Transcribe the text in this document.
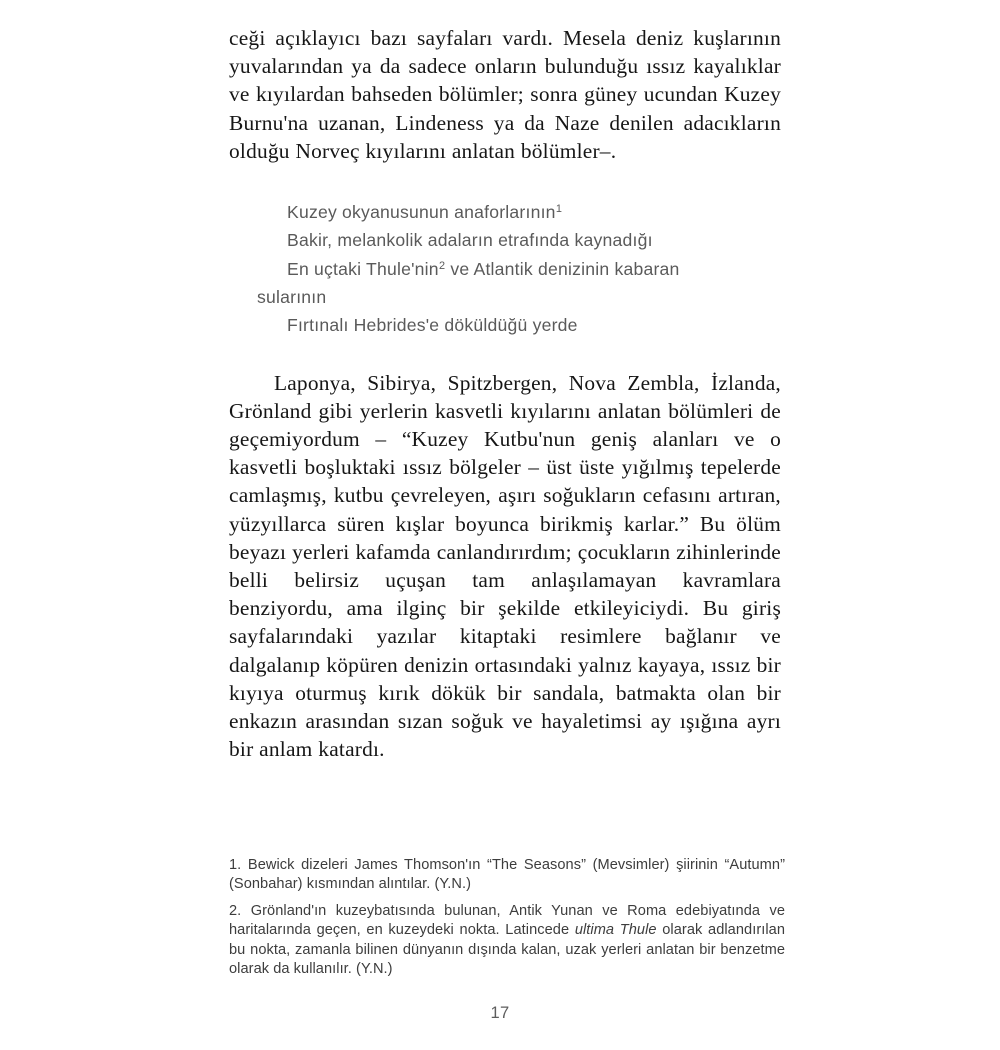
ceği açıklayıcı bazı sayfaları vardı. Mesela deniz kuşlarının yuvalarından ya da sadece onların bulunduğu ıssız kayalıklar ve kıyılardan bahseden bölümler; sonra güney ucundan Kuzey Burnu'na uzanan, Lindeness ya da Naze denilen adacıkların olduğu Norveç kıyılarını anlatan bölümler–.

Kuzey okyanusunun anaforlarının$^1$
Bakir, melankolik adaların etrafında kaynadığı
En uçtaki Thule'nin$^2$ ve Atlantik denizinin kabaran
sularının
Fırtınalı Hebrides'e döküldüğü yerde

Laponya, Sibirya, Spitzbergen, Nova Zembla, İzlanda, Grönland gibi yerlerin kasvetli kıyılarını anlatan bölümleri de geçemiyordum – “Kuzey Kutbu'nun geniş alanları ve o kasvetli boşluktaki ıssız bölgeler – üst üste yığılmış tepelerde camlaşmış, kutbu çevreleyen, aşırı soğukların cefasını artıran, yüzyıllarca süren kışlar boyunca birikmiş karlar.” Bu ölüm beyazı yerleri kafamda canlandırırdım; çocukların zihinlerinde belli belirsiz uçuşan tam anlaşılamayan kavramlara benziyordu, ama ilginç bir şekilde etkileyiciydi. Bu giriş sayfalarındaki yazılar kitaptaki resimlere bağlanır ve dalgalanıp köpüren denizin ortasındaki yalnız kayaya, ıssız bir kıyıya oturmuş kırık dökük bir sandala, batmakta olan bir enkazın arasından sızan soğuk ve hayaletimsi ay ışığına ayrı bir anlam katardı.

1. Bewick dizeleri James Thomson'ın “The Seasons” (Mevsimler) şiirinin “Autumn” (Sonbahar) kısmından alıntılar. (Y.N.)

2. Grönland'ın kuzeybatısında bulunan, Antik Yunan ve Roma edebiyatında ve haritalarında geçen, en kuzeydeki nokta. Latincede ultima Thule olarak adlandırılan bu nokta, zamanla bilinen dünyanın dışında kalan, uzak yerleri anlatan bir benzetme olarak da kullanılır. (Y.N.)

17
